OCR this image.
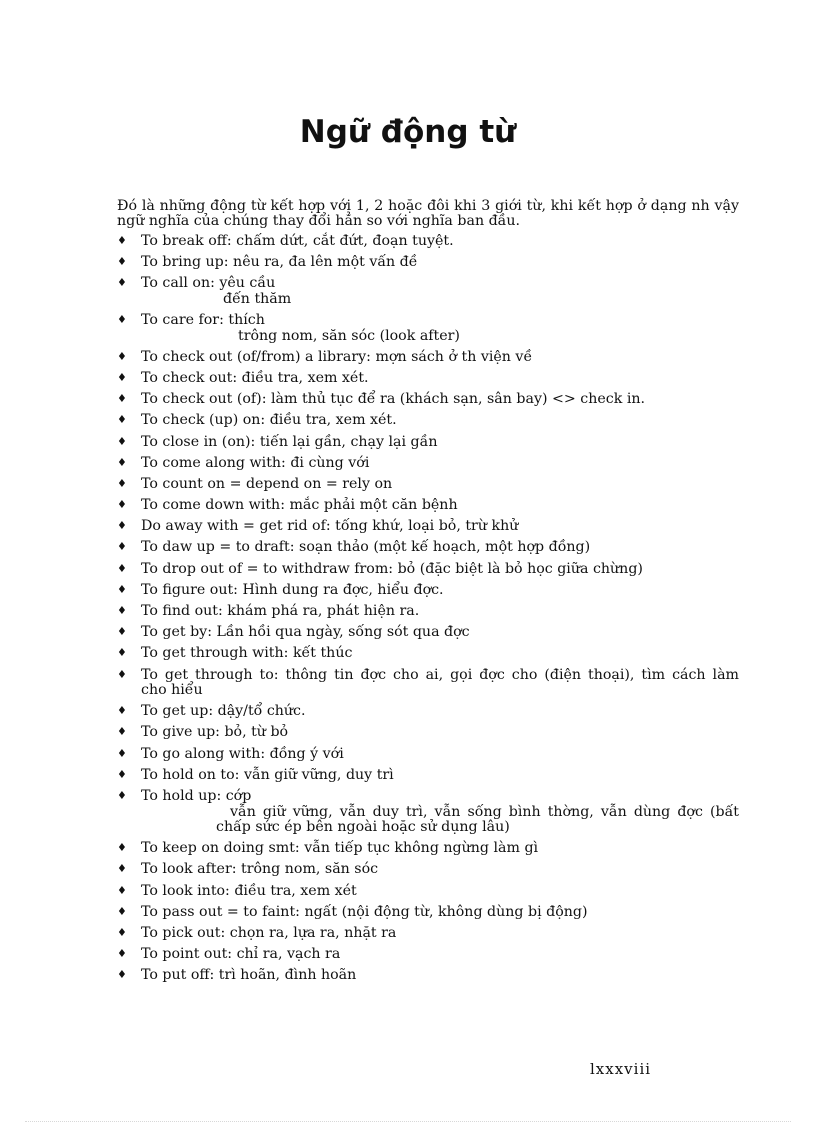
Ngữ động từ
Đó là những động từ kết hợp với 1, 2 hoặc đôi khi 3 giới từ, khi kết hợp ở dạng nh vậy ngữ nghĩa của chúng thay đổi hẳn so với nghĩa ban đầu.
♦ To break off: chấm dứt, cắt đứt, đoạn tuyệt.
♦ To bring up: nêu ra, đa lên một vấn đề
♦ To call on: yêu cầu
đến thăm
♦ To care for: thích
trông nom, săn sóc (look after)
♦ To check out (of/from) a library: mợn sách ở th viện về
♦ To check out: điều tra, xem xét.
♦ To check out (of): làm thủ tục để ra (khách sạn, sân bay) <> check in.
♦ To check (up) on: điều tra, xem xét.
♦ To close in (on): tiến lại gần, chạy lại gần
♦ To come along with: đi cùng với
♦ To count on = depend on = rely on
♦ To come down with: mắc phải một căn bệnh
♦ Do away with = get rid of: tống khứ, loại bỏ, trừ khử
♦ To daw up = to draft: soạn thảo (một kế hoạch, một hợp đồng)
♦ To drop out of = to withdraw from: bỏ (đặc biệt là bỏ học giữa chừng)
♦ To figure out: Hình dung ra đợc, hiểu đợc.
♦ To find out: khám phá ra, phát hiện ra.
♦ To get by: Lần hồi qua ngày, sống sót qua đợc
♦ To get through with: kết thúc
♦ To get through to: thông tin đợc cho ai, gọi đợc cho (điện thoại), tìm cách làm
cho hiểu
♦ To get up: dậy/tổ chức.
♦ To give up: bỏ, từ bỏ
♦ To go along with: đồng ý với
♦ To hold on to: vẫn giữ vững, duy trì
♦ To hold up: cớp
vẫn giữ vững, vẫn duy trì, vẫn sống bình thờng, vẫn dùng đợc (bất
chấp sức ép bên ngoài hoặc sử dụng lâu)
♦ To keep on doing smt: vẫn tiếp tục không ngừng làm gì
♦ To look after: trông nom, săn sóc
♦ To look into: điều tra, xem xét
♦ To pass out = to faint: ngất (nội động từ, không dùng bị động)
♦ To pick out: chọn ra, lựa ra, nhặt ra
♦ To point out: chỉ ra, vạch ra
♦ To put off: trì hoãn, đình hoãn
lxxxviii
